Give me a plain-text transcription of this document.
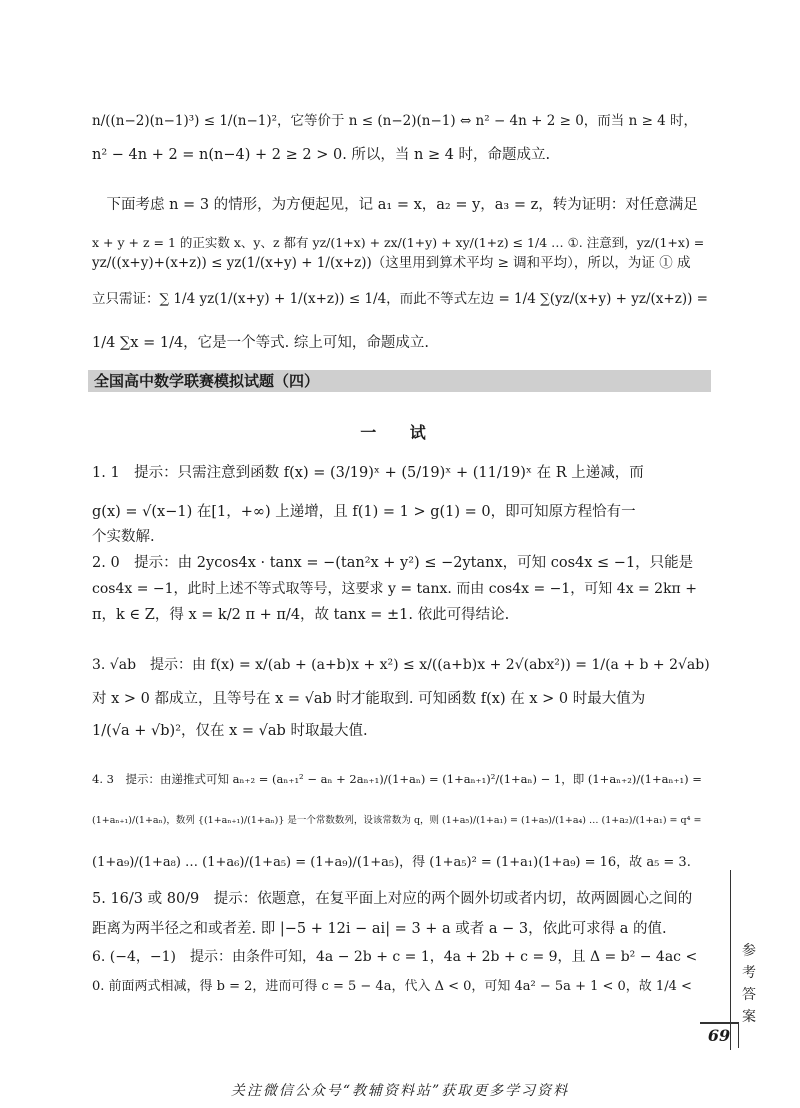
n/((n−2)(n−1)³) ≤ 1/(n−1)²，它等价于 n ≤ (n−2)(n−1) ⇔ n² − 4n + 2 ≥ 0，而当 n ≥ 4 时，
n² − 4n + 2 = n(n−4) + 2 ≥ 2 > 0. 所以，当 n ≥ 4 时，命题成立.
　下面考虑 n = 3 的情形，为方便起见，记 a₁ = x，a₂ = y，a₃ = z，转为证明：对任意满足
x + y + z = 1 的正实数 x、y、z 都有 yz/(1+x) + zx/(1+y) + xy/(1+z) ≤ 1/4 … ①. 注意到，yz/(1+x) =
yz/((x+y)+(x+z)) ≤ yz(1/(x+y) + 1/(x+z))（这里用到算术平均 ≥ 调和平均），所以，为证 ① 成
立只需证：∑ 1/4 yz(1/(x+y) + 1/(x+z)) ≤ 1/4，而此不等式左边 = 1/4 ∑(yz/(x+y) + yz/(x+z)) =
1/4 ∑x = 1/4，它是一个等式. 综上可知，命题成立.
全国高中数学联赛模拟试题（四）
一 试
1. 1　提示：只需注意到函数 f(x) = (3/19)ˣ + (5/19)ˣ + (11/19)ˣ 在 R 上递减，而
g(x) = √(x−1) 在[1，+∞) 上递增，且 f(1) = 1 > g(1) = 0，即可知原方程恰有一
个实数解.
2. 0　提示：由 2ycos4x · tanx = −(tan²x + y²) ≤ −2ytanx，可知 cos4x ≤ −1，只能是
cos4x = −1，此时上述不等式取等号，这要求 y = tanx. 而由 cos4x = −1，可知 4x = 2kπ +
π，k ∈ Z，得 x = k/2 π + π/4，故 tanx = ±1. 依此可得结论.
3. √ab　提示：由 f(x) = x/(ab + (a+b)x + x²) ≤ x/((a+b)x + 2√(abx²)) = 1/(a + b + 2√ab)
对 x > 0 都成立，且等号在 x = √ab 时才能取到. 可知函数 f(x) 在 x > 0 时最大值为
1/(√a + √b)²，仅在 x = √ab 时取最大值.
4. 3　提示：由递推式可知 aₙ₊₂ = (aₙ₊₁² − aₙ + 2aₙ₊₁)/(1+aₙ) = (1+aₙ₊₁)²/(1+aₙ) − 1，即 (1+aₙ₊₂)/(1+aₙ₊₁) =
(1+aₙ₊₁)/(1+aₙ)，数列 {(1+aₙ₊₁)/(1+aₙ)} 是一个常数数列，设该常数为 q，则 (1+a₅)/(1+a₁) = (1+a₅)/(1+a₄) … (1+a₂)/(1+a₁) = q⁴ =
(1+a₉)/(1+a₈) … (1+a₆)/(1+a₅) = (1+a₉)/(1+a₅)，得 (1+a₅)² = (1+a₁)(1+a₉) = 16，故 a₅ = 3.
5. 16/3 或 80/9　提示：依题意，在复平面上对应的两个圆外切或者内切，故两圆圆心之间的
距离为两半径之和或者差. 即 |−5 + 12i − ai| = 3 + a 或者 a − 3，依此可求得 a 的值.
6. (−4，−1)　提示：由条件可知，4a − 2b + c = 1，4a + 2b + c = 9，且 Δ = b² − 4ac <
0. 前面两式相减，得 b = 2，进而可得 c = 5 − 4a，代入 Δ < 0，可知 4a² − 5a + 1 < 0，故 1/4 <
参考答案
69
关注微信公众号“教辅资料站”获取更多学习资料
